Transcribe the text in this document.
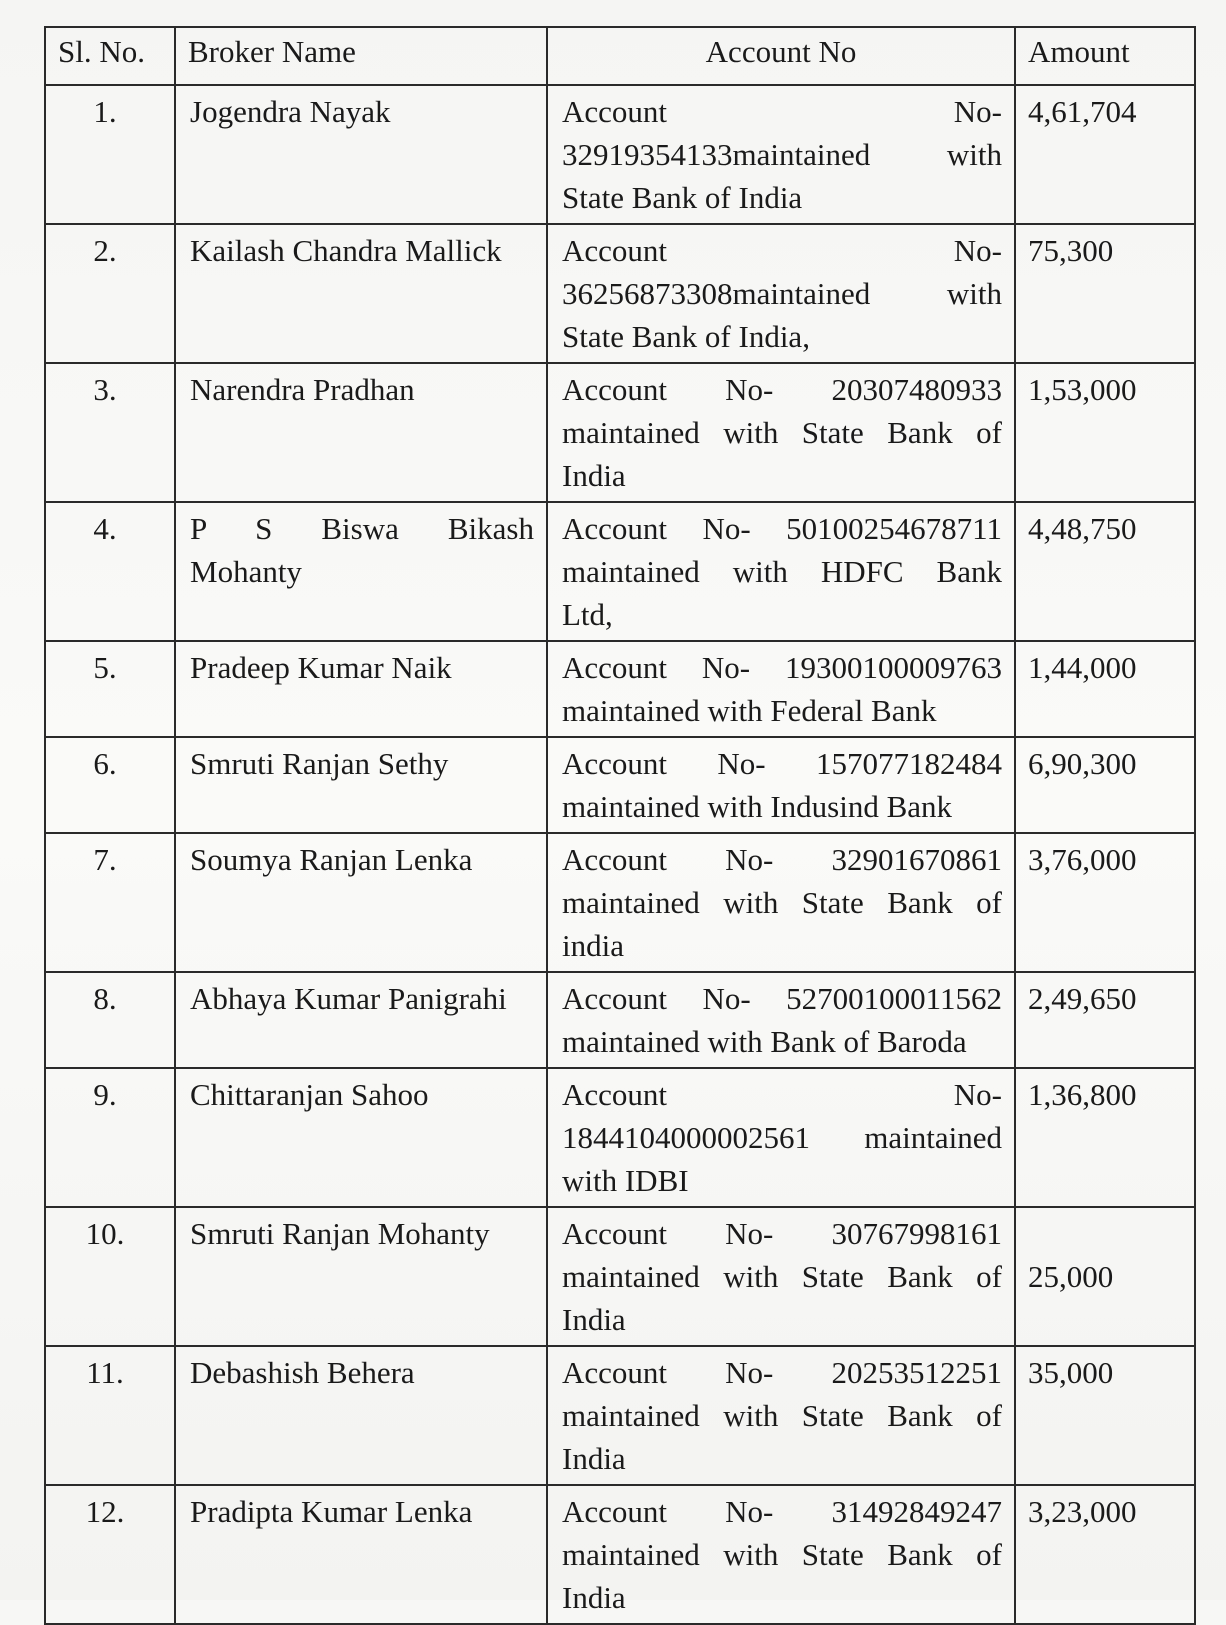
Sl. No.	Broker Name	Account No	Amount
1.	Jogendra Nayak	Account No-
32919354133maintained with
State Bank of India	4,61,704
2.	Kailash Chandra Mallick	Account No-
36256873308maintained with
State Bank of India,	75,300
3.	Narendra Pradhan	Account No- 20307480933
maintained with State Bank of
India	1,53,000
4.	P S Biswa Bikash
Mohanty	Account No- 50100254678711
maintained with HDFC Bank
Ltd,	4,48,750
5.	Pradeep Kumar Naik	Account No- 19300100009763
maintained with Federal Bank	1,44,000
6.	Smruti Ranjan Sethy	Account No- 157077182484
maintained with Indusind Bank	6,90,300
7.	Soumya Ranjan Lenka	Account No- 32901670861
maintained with State Bank of
india	3,76,000
8.	Abhaya Kumar Panigrahi	Account No- 52700100011562
maintained with Bank of Baroda	2,49,650
9.	Chittaranjan Sahoo	Account No-
1844104000002561 maintained
with IDBI	1,36,800
10.	Smruti Ranjan Mohanty	Account No- 30767998161
maintained with State Bank of
India	25,000
11.	Debashish Behera	Account No- 20253512251
maintained with State Bank of
India	35,000
12.	Pradipta Kumar Lenka	Account No- 31492849247
maintained with State Bank of
India	3,23,000
